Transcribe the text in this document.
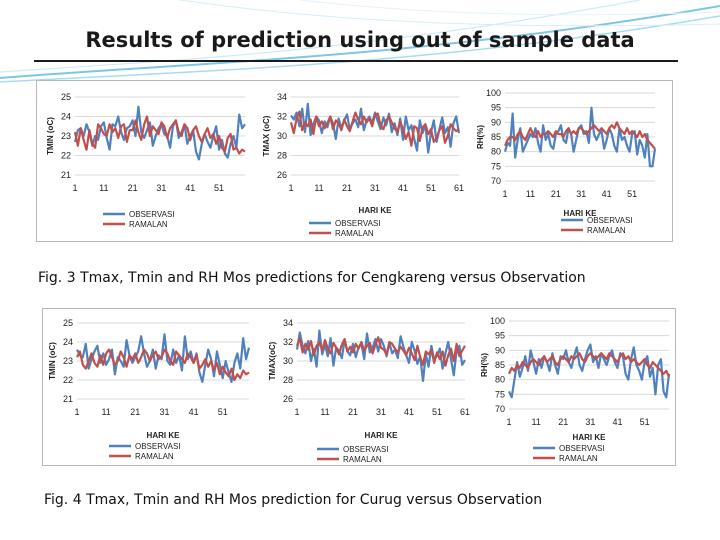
Results of prediction using out of sample data
25
24
23
22
21
1 11 21 31 41 51
TMIN (oC)
OBSERVASI
RAMALAN
34
32
30
28
26
1 11 21 31 41 51 61
TMAX (oC)
HARI KE
OBSERVASI
RAMALAN
100
95
90
85
80
75
70
1 11 21 31 41 51
RH(%)
HARI KE
OBSERVASI
RAMALAN
Fig. 3 Tmax, Tmin and RH Mos predictions for Cengkareng versus Observation
25
24
23
22
21
1 11 21 31 41 51
TMIN (oC)
HARI KE
OBSERVASI
RAMALAN
34
32
30
28
26
1 11 21 31 41 51 61
TMAX(oC)
HARI KE
OBSERVASI
RAMALAN
100
95
90
85
80
75
70
1 11 21 31 41 51
RH(%)
HARI KE
OBSERVASI
RAMALAN
Fig. 4 Tmax, Tmin and RH Mos prediction for Curug versus Observation
